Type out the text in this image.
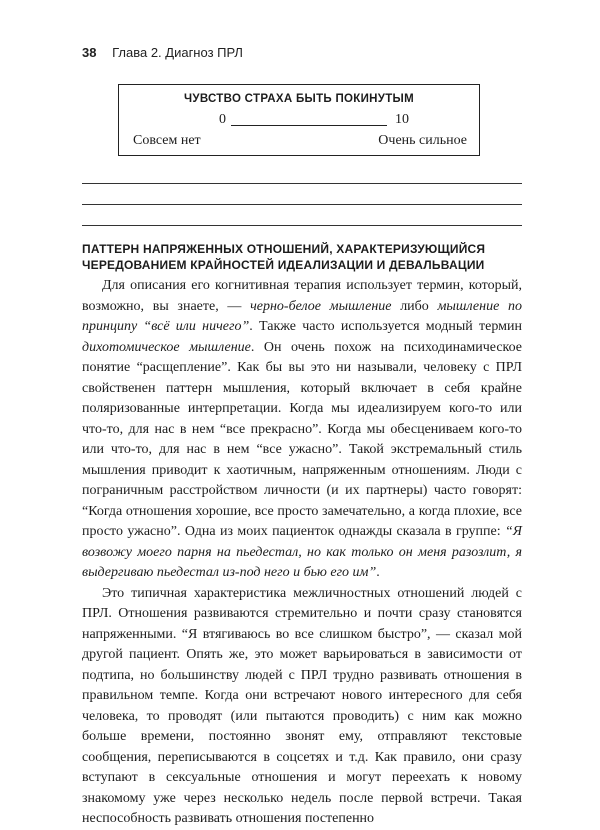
38 Глава 2. Диагноз ПРЛ
ЧУВСТВО СТРАХА БЫТЬ ПОКИНУТЫМ
0	10
Совсем нет	Очень сильное
ПАТТЕРН НАПРЯЖЕННЫХ ОТНОШЕНИЙ, ХАРАКТЕРИЗУЮЩИЙСЯ
ЧЕРЕДОВАНИЕМ КРАЙНОСТЕЙ ИДЕАЛИЗАЦИИ И ДЕВАЛЬВАЦИИ

Для описания его когнитивная терапия использует термин, который, возможно, вы знаете, — черно-белое мышление либо мышление по принципу “всё или ничего”. Также часто используется модный термин дихотомическое мышление. Он очень похож на психодинамическое понятие “расщепление”. Как бы вы это ни называли, человеку с ПРЛ свойственен паттерн мышления, который включает в себя крайне поляризованные интерпретации. Когда мы идеализируем кого-то или что-то, для нас в нем “все прекрасно”. Когда мы обесцениваем кого-то или что-то, для нас в нем “все ужасно”. Такой экстремальный стиль мышления приводит к хаотичным, напряженным отношениям. Люди с пограничным расстройством личности (и их партнеры) часто говорят: “Когда отношения хорошие, все просто замечательно, а когда плохие, все просто ужасно”. Одна из моих пациенток однажды сказала в группе: “Я возвожу моего парня на пьедестал, но как только он меня разозлит, я выдергиваю пьедестал из-под него и бью его им”.

Это типичная характеристика межличностных отношений людей с ПРЛ. Отношения развиваются стремительно и почти сразу становятся напряженными. “Я втягиваюсь во все слишком быстро”, — сказал мой другой пациент. Опять же, это может варьироваться в зависимости от подтипа, но большинству людей с ПРЛ трудно развивать отношения в правильном темпе. Когда они встречают нового интересного для себя человека, то проводят (или пытаются проводить) с ним как можно больше времени, постоянно звонят ему, отправляют текстовые сообщения, переписываются в соцсетях и т.д. Как правило, они сразу вступают в сексуальные отношения и могут переехать к новому знакомому уже через несколько недель после первой встречи. Такая неспособность развивать отношения постепенно
